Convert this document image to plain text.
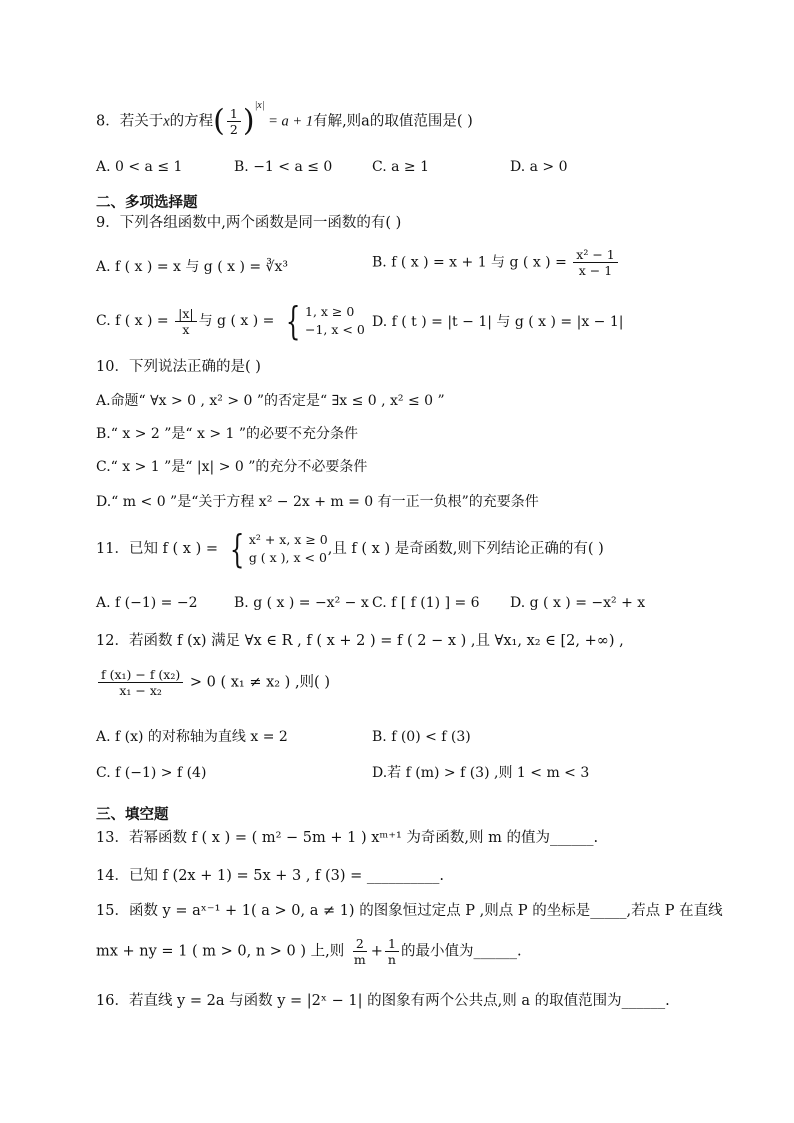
8．若关于x的方程( $\frac{1}{2} )^{|x|} = a + 1$有解,则a的取值范围是( )
A. 0 < a ≤ 1	B. −1 < a ≤ 0	C. a ≥ 1	D. a > 0
二、多项选择题
9．下列各组函数中,两个函数是同一函数的有( )
A. f ( x ) = x 与 g ( x ) = ∛x³	B. f ( x ) = x + 1 与 g ( x ) = $\frac{\text{x² − 1}}{x - 1}$
C. f ( x ) = $\frac{|x|}{x}$ 与 g ( x ) = { 1, x ≥ 0
−1, x < 0 D. f ( t ) = |t − 1| 与 g ( x ) = |x − 1|
10．下列说法正确的是( )
A.命题“ ∀x > 0 , x² > 0 ”的否定是“ ∃x ≤ 0 , x² ≤ 0 ”
B.“ x > 2 ”是“ x > 1 ”的必要不充分条件
C.“ x > 1 ”是“ |x| > 0 ”的充分不必要条件
D.“ m < 0 ”是“关于方程 x² − 2x + m = 0 有一正一负根”的充要条件
11．已知 f ( x ) = { x² + x, x ≥ 0
g ( x ), x < 0
,且 f ( x ) 是奇函数,则下列结论正确的有( )
A. f (−1) = −2	B. g ( x ) = −x² − x C. f [ f (1) ] = 6 D. g ( x ) = −x² + x
12．若函数 f (x) 满足 ∀x ∈ R , f ( x + 2 ) = f ( 2 − x ) ,且 ∀x₁, x₂ ∈ [2, +∞) ,
$\frac{\text{f (x₁) − f (x₂)}}{\text{x₁ − x₂}} > 0$ ( x₁ ≠ x₂ ) ,则( )
A. f (x) 的对称轴为直线 x = 2	B. f (0) < f (3)
C. f (−1) > f (4)	D.若 f (m) > f (3) ,则 1 < m < 3
三、填空题
13．若幂函数 f ( x ) = ( m² − 5m + 1 ) xᵐ⁺¹ 为奇函数,则 m 的值为______.
14．已知 f (2x + 1) = 5x + 3 , f (3) = __________.
15．函数 y = aˣ⁻¹ + 1( a > 0, a ≠ 1) 的图象恒过定点 P ,则点 P 的坐标是_____,若点 P 在直线
mx + ny = 1 ( m > 0, n > 0 ) 上,则 $\frac{2}{m} + \frac{1}{n}$ 的最小值为______.
16．若直线 y = 2a 与函数 y = |2ˣ − 1| 的图象有两个公共点,则 a 的取值范围为______.
